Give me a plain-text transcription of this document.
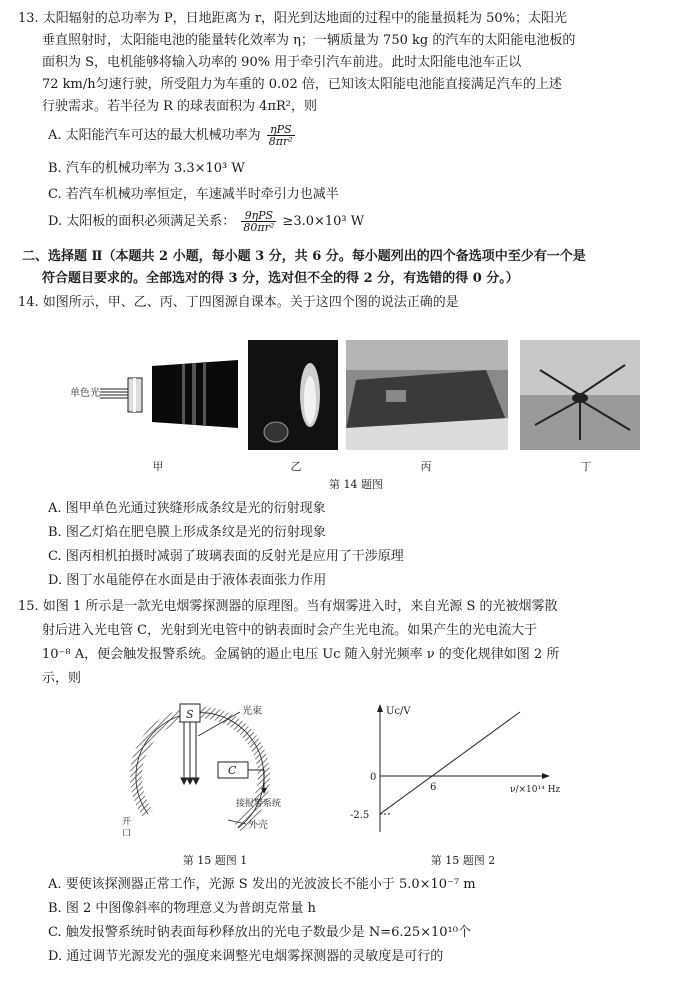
13. 太阳辐射的总功率为 P，日地距离为 r，阳光到达地面的过程中的能量损耗为 50%；太阳光
垂直照射时，太阳能电池的能量转化效率为 η；一辆质量为 750 kg 的汽车的太阳能电池板的
面积为 S，电机能够将输入功率的 90% 用于牵引汽车前进。此时太阳能电池车正以
72 km/h匀速行驶，所受阻力为车重的 0.02 倍，已知该太阳能电池能直接满足汽车的上述
行驶需求。若半径为 R 的球表面积为 4πR²，则
A. 太阳能汽车可达的最大机械功率为 $\frac{\text{ηPS}}{\text{8πr²}}$
B. 汽车的机械功率为 3.3×10³ W
C. 若汽车机械功率恒定，车速减半时牵引力也减半
D. 太阳板的面积必须满足关系： $\frac{\text{9ηPS}}{\text{80πr²}} \ge 3.0\times 10^3$ W
二、选择题 Ⅱ（本题共 2 小题，每小题 3 分，共 6 分。每小题列出的四个备选项中至少有一个是
符合题目要求的。全部选对的得 3 分，选对但不全的得 2 分，有选错的得 0 分。）
14. 如图所示，甲、乙、丙、丁四图源自课本。关于这四个图的说法正确的是
单色光
甲	乙	丙	丁
第 14 题图
A. 图甲单色光通过狭缝形成条纹是光的衍射现象
B. 图乙灯焰在肥皂膜上形成条纹是光的衍射现象
C. 图丙相机拍摄时减弱了玻璃表面的反射光是应用了干涉原理
D. 图丁水黾能停在水面是由于液体表面张力作用
15. 如图 1 所示是一款光电烟雾探测器的原理图。当有烟雾进入时，来自光源 S 的光被烟雾散
射后进入光电管 C，光射到光电管中的钠表面时会产生光电流。如果产生的光电流大于
10⁻⁸ A，便会触发报警系统。金属钠的遏止电压 Uc 随入射光频率 ν 的变化规律如图 2 所
示，则
S	光束
C
接报警系统
外壳
开 口
第 15 题图 1
Uc/V
0
6
-2.5
ν/×10¹⁴ Hz
第 15 题图 2
A. 要使该探测器正常工作，光源 S 发出的光波波长不能小于 5.0×10⁻⁷ m
B. 图 2 中图像斜率的物理意义为普朗克常量 h
C. 触发报警系统时钠表面每秒释放出的光电子数最少是 N=6.25×10¹⁰个
D. 通过调节光源发光的强度来调整光电烟雾探测器的灵敏度是可行的
